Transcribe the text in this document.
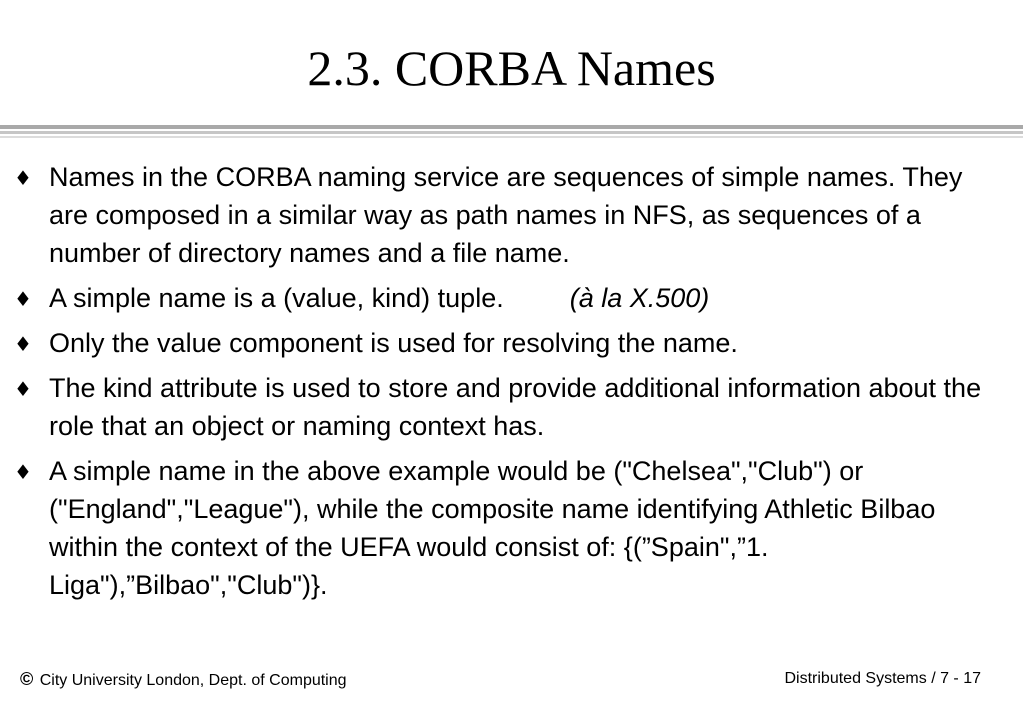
2.3. CORBA Names
♦ Names in the CORBA naming service are sequences of simple names. They are composed in a similar way as path names in NFS, as sequences of a number of directory names and a file name.
♦ A simple name is a (value, kind) tuple. (à la X.500)
♦ Only the value component is used for resolving the name.
♦ The kind attribute is used to store and provide additional information about the role that an object or naming context has.
♦ A simple name in the above example would be ("Chelsea","Club") or ("England","League"), while the composite name identifying Athletic Bilbao within the context of the UEFA would consist of: {(”Spain",”1. Liga"),”Bilbao","Club")}.
© City University London, Dept. of Computing	Distributed Systems / 7 - 17
